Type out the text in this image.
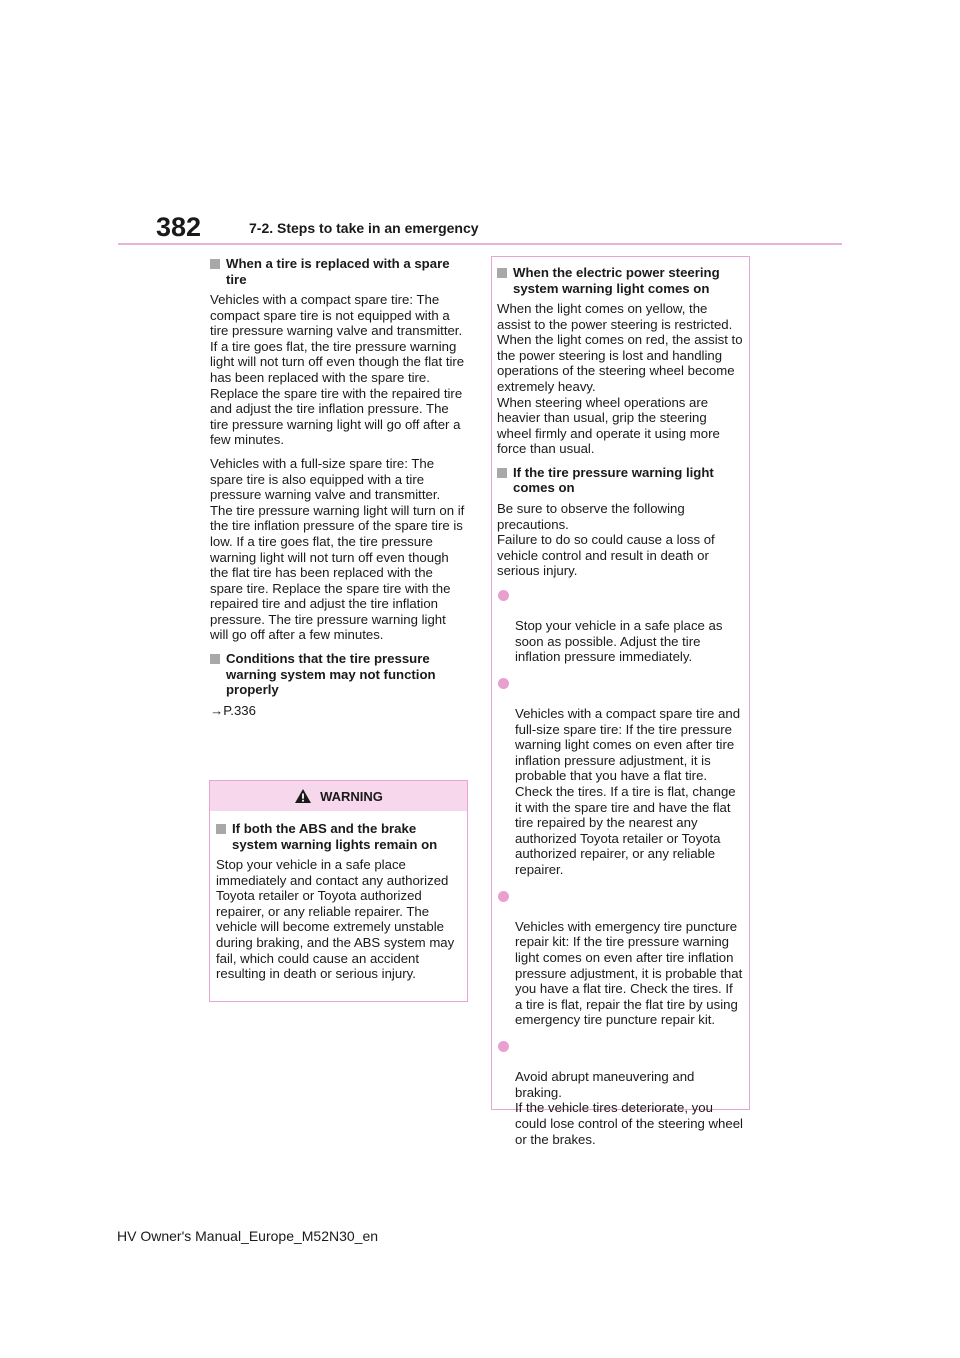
382	7-2. Steps to take in an emergency
When a tire is replaced with a spare tire

Vehicles with a compact spare tire: The compact spare tire is not equipped with a tire pressure warning valve and transmitter. If a tire goes flat, the tire pressure warning light will not turn off even though the flat tire has been replaced with the spare tire. Replace the spare tire with the repaired tire and adjust the tire inflation pressure. The tire pressure warning light will go off after a few minutes.

Vehicles with a full-size spare tire: The spare tire is also equipped with a tire pressure warning valve and transmitter. The tire pressure warning light will turn on if the tire inflation pressure of the spare tire is low. If a tire goes flat, the tire pressure warning light will not turn off even though the flat tire has been replaced with the spare tire. Replace the spare tire with the repaired tire and adjust the tire inflation pressure. The tire pressure warning light will go off after a few minutes.

Conditions that the tire pressure warning system may not function properly

→P.336

WARNING
If both the ABS and the brake system warning lights remain on

Stop your vehicle in a safe place immediately and contact any authorized Toyota retailer or Toyota authorized repairer, or any reliable repairer. The vehicle will become extremely unstable during braking, and the ABS system may fail, which could cause an accident resulting in death or serious injury.

When the electric power steering system warning light comes on

When the light comes on yellow, the assist to the power steering is restricted. When the light comes on red, the assist to the power steering is lost and handling operations of the steering wheel become extremely heavy.
When steering wheel operations are heavier than usual, grip the steering wheel firmly and operate it using more force than usual.

If the tire pressure warning light comes on

Be sure to observe the following precautions.
Failure to do so could cause a loss of vehicle control and result in death or serious injury.

Stop your vehicle in a safe place as soon as possible. Adjust the tire inflation pressure immediately.

Vehicles with a compact spare tire and full-size spare tire: If the tire pressure warning light comes on even after tire inflation pressure adjustment, it is probable that you have a flat tire. Check the tires. If a tire is flat, change it with the spare tire and have the flat tire repaired by the nearest any authorized Toyota retailer or Toyota authorized repairer, or any reliable repairer.

Vehicles with emergency tire puncture repair kit: If the tire pressure warning light comes on even after tire inflation pressure adjustment, it is probable that you have a flat tire. Check the tires. If a tire is flat, repair the flat tire by using emergency tire puncture repair kit.

Avoid abrupt maneuvering and braking.
If the vehicle tires deteriorate, you could lose control of the steering wheel or the brakes.

HV Owner's Manual_Europe_M52N30_en
